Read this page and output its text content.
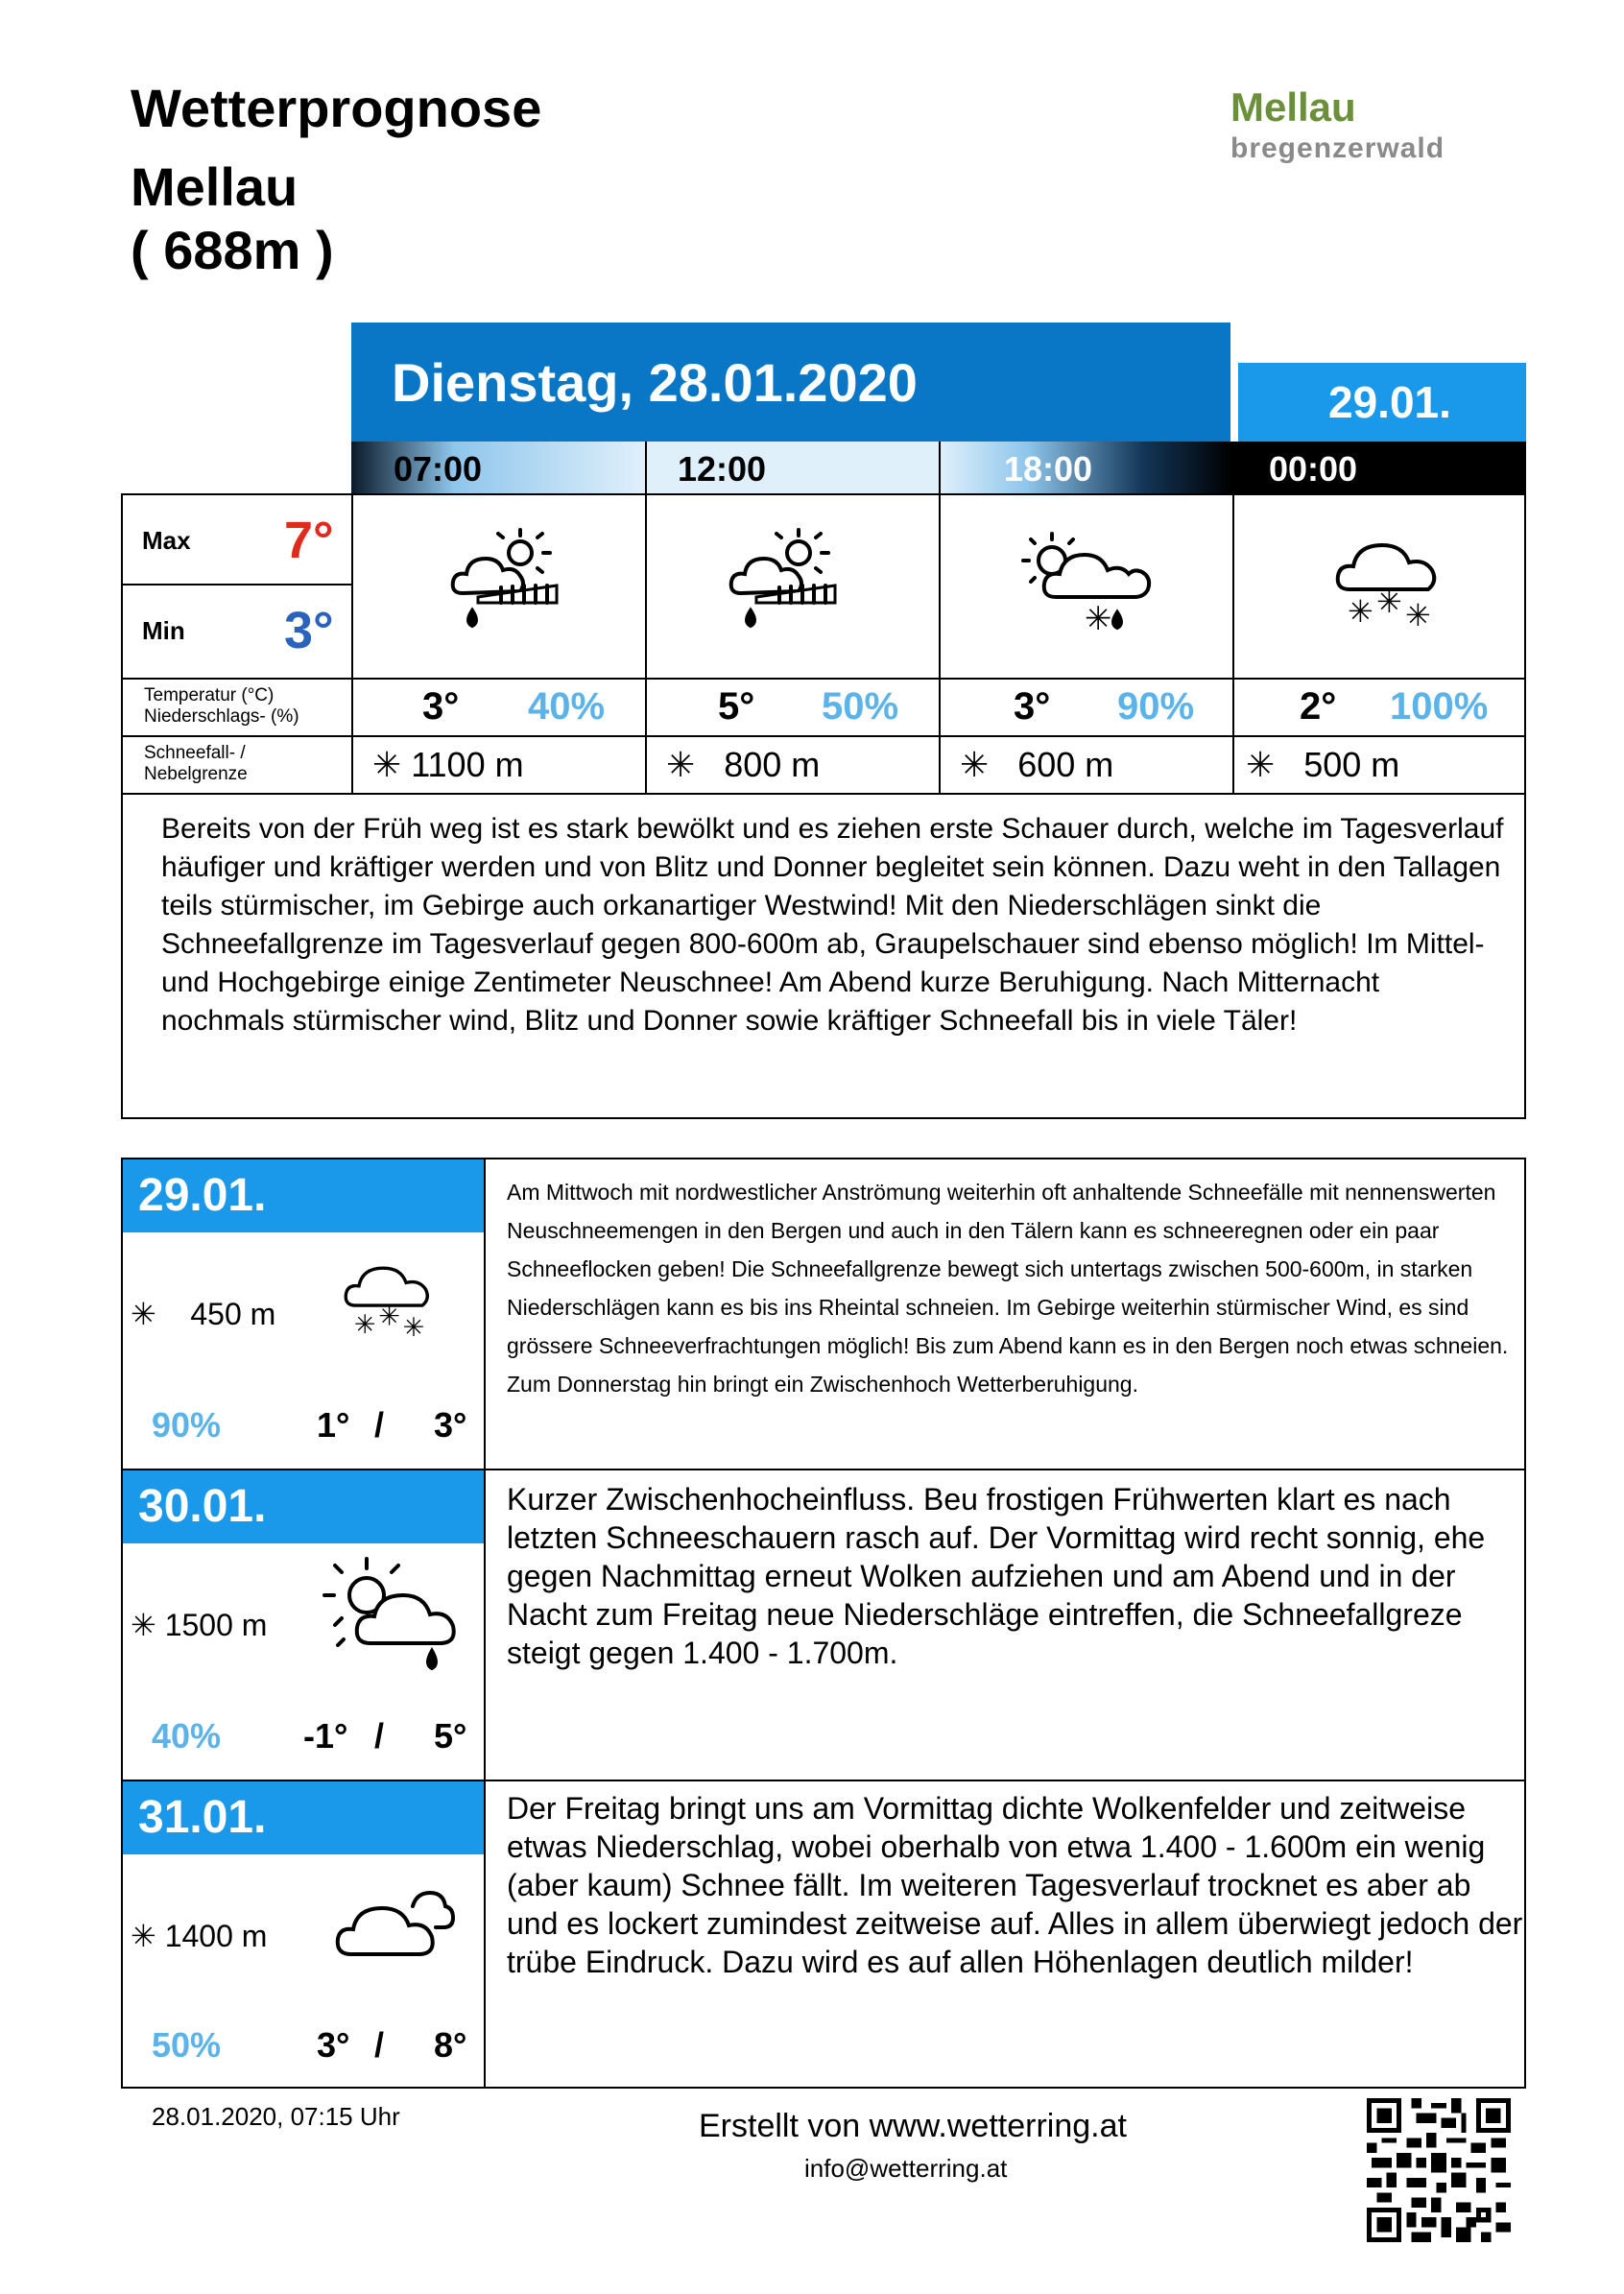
Wetterprognose
Mellau
( 688m )
Mellau
bregenzerwald
Dienstag, 28.01.2020	29.01.
07:00	12:00	18:00	00:00
Max 7°
Min 3°
Temperatur (°C)
Niederschlags- (%)	3° 40%	5° 50%	3° 90%	2° 100%
Schneefall- /
Nebelgrenze	✳ 1100 m	✳ 800 m	✳ 600 m	✳ 500 m
Bereits von der Früh weg ist es stark bewölkt und es ziehen erste Schauer durch, welche im Tagesverlauf häufiger und kräftiger werden und von Blitz und Donner begleitet sein können. Dazu weht in den Tallagen teils stürmischer, im Gebirge auch orkanartiger Westwind! Mit den Niederschlägen sinkt die Schneefallgrenze im Tagesverlauf gegen 800-600m ab, Graupelschauer sind ebenso möglich! Im Mittel- und Hochgebirge einige Zentimeter Neuschnee! Am Abend kurze Beruhigung. Nach Mitternacht nochmals stürmischer wind, Blitz und Donner sowie kräftiger Schneefall bis in viele Täler!
✳	✳ ✳ ✳
29.01.
✳ 450 m
90%	1° / 3°
Am Mittwoch mit nordwestlicher Anströmung weiterhin oft anhaltende Schneefälle mit nennenswerten Neuschneemengen in den Bergen und auch in den Tälern kann es schneeregnen oder ein paar Schneeflocken geben! Die Schneefallgrenze bewegt sich untertags zwischen 500-600m, in starken Niederschlägen kann es bis ins Rheintal schneien. Im Gebirge weiterhin stürmischer Wind, es sind grössere Schneeverfrachtungen möglich! Bis zum Abend kann es in den Bergen noch etwas schneien. Zum Donnerstag hin bringt ein Zwischenhoch Wetterberuhigung.
✳ ✳ ✳
30.01.
✳ 1500 m
40% -1° / 5°
Kurzer Zwischenhocheinfluss. Beu frostigen Frühwerten klart es nach letzten Schneeschauern rasch auf. Der Vormittag wird recht sonnig, ehe gegen Nachmittag erneut Wolken aufziehen und am Abend und in der Nacht zum Freitag neue Niederschläge eintreffen, die Schneefallgreze steigt gegen 1.400 - 1.700m.
31.01.
✳ 1400 m
50%	3° / 8°
Der Freitag bringt uns am Vormittag dichte Wolkenfelder und zeitweise etwas Niederschlag, wobei oberhalb von etwa 1.400 - 1.600m ein wenig (aber kaum) Schnee fällt. Im weiteren Tagesverlauf trocknet es aber ab und es lockert zumindest zeitweise auf. Alles in allem überwiegt jedoch der trübe Eindruck. Dazu wird es auf allen Höhenlagen deutlich milder!
28.01.2020, 07:15 Uhr	Erstellt von www.wetterring.at
info@wetterring.at
